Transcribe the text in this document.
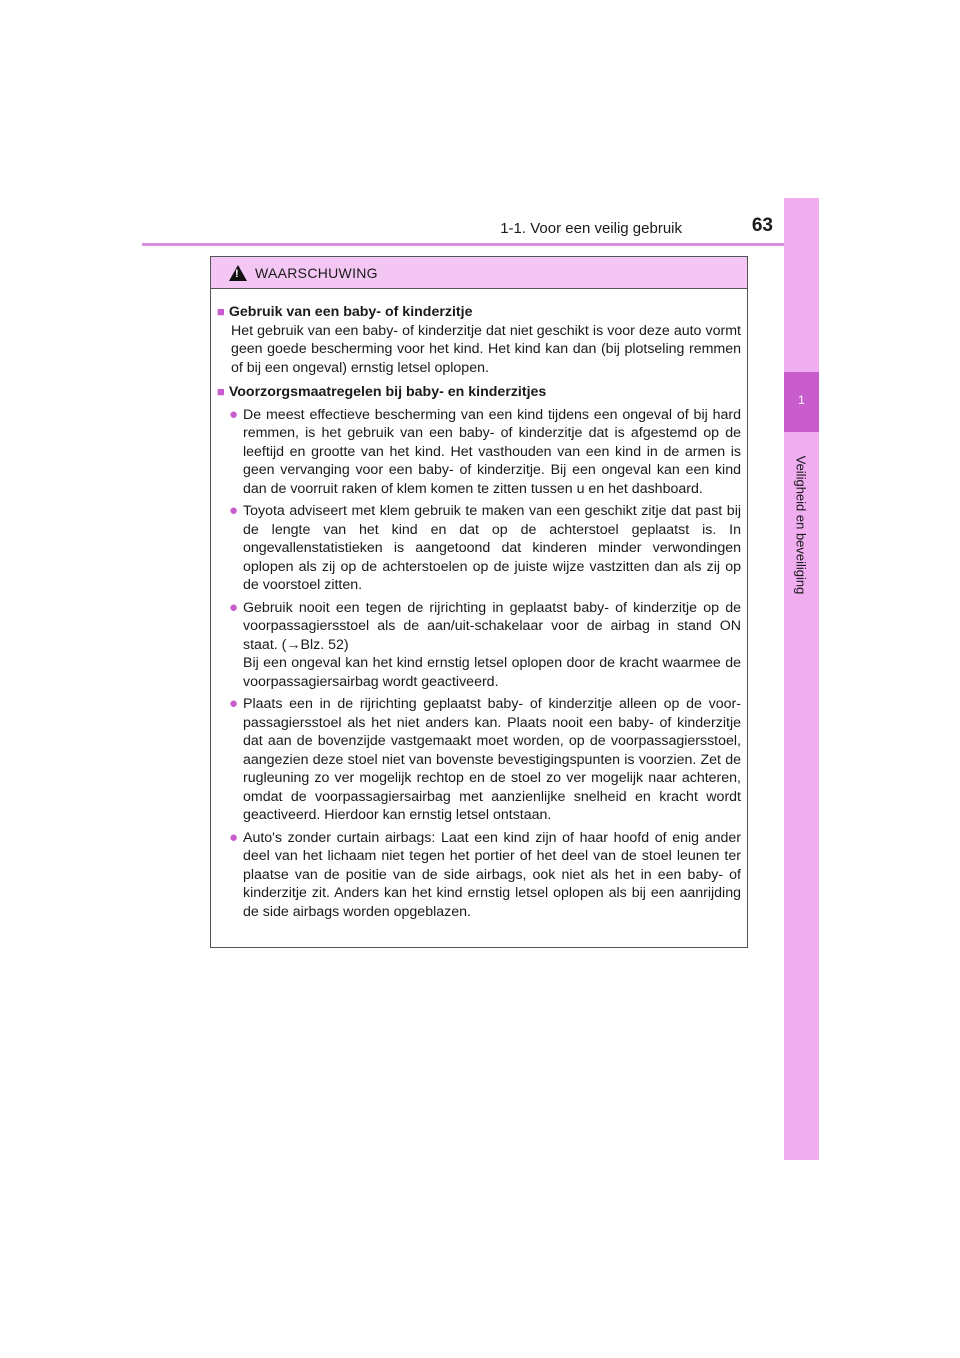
1-1. Voor een veilig gebruik	63
1
Veiligheid en beveiliging
!
WAARSCHUWING
■ Gebruik van een baby- of kinderzitje
Het gebruik van een baby- of kinderzitje dat niet geschikt is voor deze auto vormt geen goede bescherming voor het kind. Het kind kan dan (bij plotseling remmen of bij een ongeval) ernstig letsel oplopen.
■ Voorzorgsmaatregelen bij baby- en kinderzitjes
● De meest effectieve bescherming van een kind tijdens een ongeval of bij hard remmen, is het gebruik van een baby- of kinderzitje dat is afgestemd op de leeftijd en grootte van het kind. Het vasthouden van een kind in de armen is geen vervanging voor een baby- of kinderzitje. Bij een ongeval kan een kind dan de voorruit raken of klem komen te zitten tussen u en het dashboard.
● Toyota adviseert met klem gebruik te maken van een geschikt zitje dat past bij de lengte van het kind en dat op de achterstoel geplaatst is. In ongevallenstatistieken is aangetoond dat kinderen minder verwondingen oplopen als zij op de achterstoelen op de juiste wijze vastzitten dan als zij op de voorstoel zitten.
● Gebruik nooit een tegen de rijrichting in geplaatst baby- of kinderzitje op de voorpassagiersstoel als de aan/uit-schakelaar voor de airbag in stand ON staat. (→Blz. 52)
Bij een ongeval kan het kind ernstig letsel oplopen door de kracht waarmee de voorpassagiersairbag wordt geactiveerd.
● Plaats een in de rijrichting geplaatst baby- of kinderzitje alleen op de voorpassagiersstoel als het niet anders kan. Plaats nooit een baby- of kinderzitje dat aan de bovenzijde vastgemaakt moet worden, op de voorpassagiersstoel, aangezien deze stoel niet van bovenste bevestigingspunten is voorzien. Zet de rugleuning zo ver mogelijk rechtop en de stoel zo ver mogelijk naar achteren, omdat de voorpassagiersairbag met aanzienlijke snelheid en kracht wordt geactiveerd. Hierdoor kan ernstig letsel ontstaan.
● Auto's zonder curtain airbags: Laat een kind zijn of haar hoofd of enig ander deel van het lichaam niet tegen het portier of het deel van de stoel leunen ter plaatse van de positie van de side airbags, ook niet als het in een baby- of kinderzitje zit. Anders kan het kind ernstig letsel oplopen als bij een aanrijding de side airbags worden opgeblazen.
